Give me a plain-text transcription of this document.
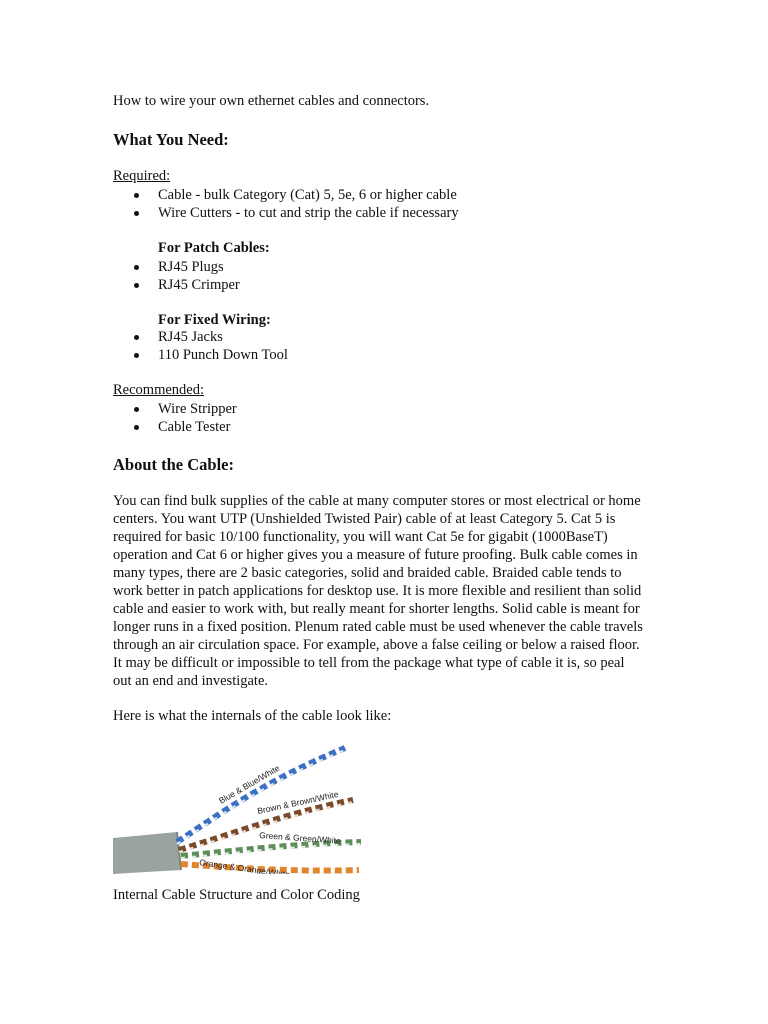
How to wire your own ethernet cables and connectors.
What You Need:
Required:
Cable - bulk Category (Cat) 5, 5e, 6 or higher cable
Wire Cutters - to cut and strip the cable if necessary
For Patch Cables:
RJ45 Plugs
RJ45 Crimper
For Fixed Wiring:
RJ45 Jacks
110 Punch Down Tool
Recommended:
Wire Stripper
Cable Tester
About the Cable:

You can find bulk supplies of the cable at many computer stores or most electrical or home centers. You want UTP (Unshielded Twisted Pair) cable of at least Category 5. Cat 5 is required for basic 10/100 functionality, you will want Cat 5e for gigabit (1000BaseT) operation and Cat 6 or higher gives you a measure of future proofing. Bulk cable comes in many types, there are 2 basic categories, solid and braided cable. Braided cable tends to work better in patch applications for desktop use. It is more flexible and resilient than solid cable and easier to work with, but really meant for shorter lengths. Solid cable is meant for longer runs in a fixed position. Plenum rated cable must be used whenever the cable travels through an air circulation space. For example, above a false ceiling or below a raised floor. It may be difficult or impossible to tell from the package what type of cable it is, so peal out an end and investigate.

Here is what the internals of the cable look like:

Blue & Blue/White
Brown & Brown/White
Green & Green/White
Orange & Orange/White
Internal Cable Structure and Color Coding
